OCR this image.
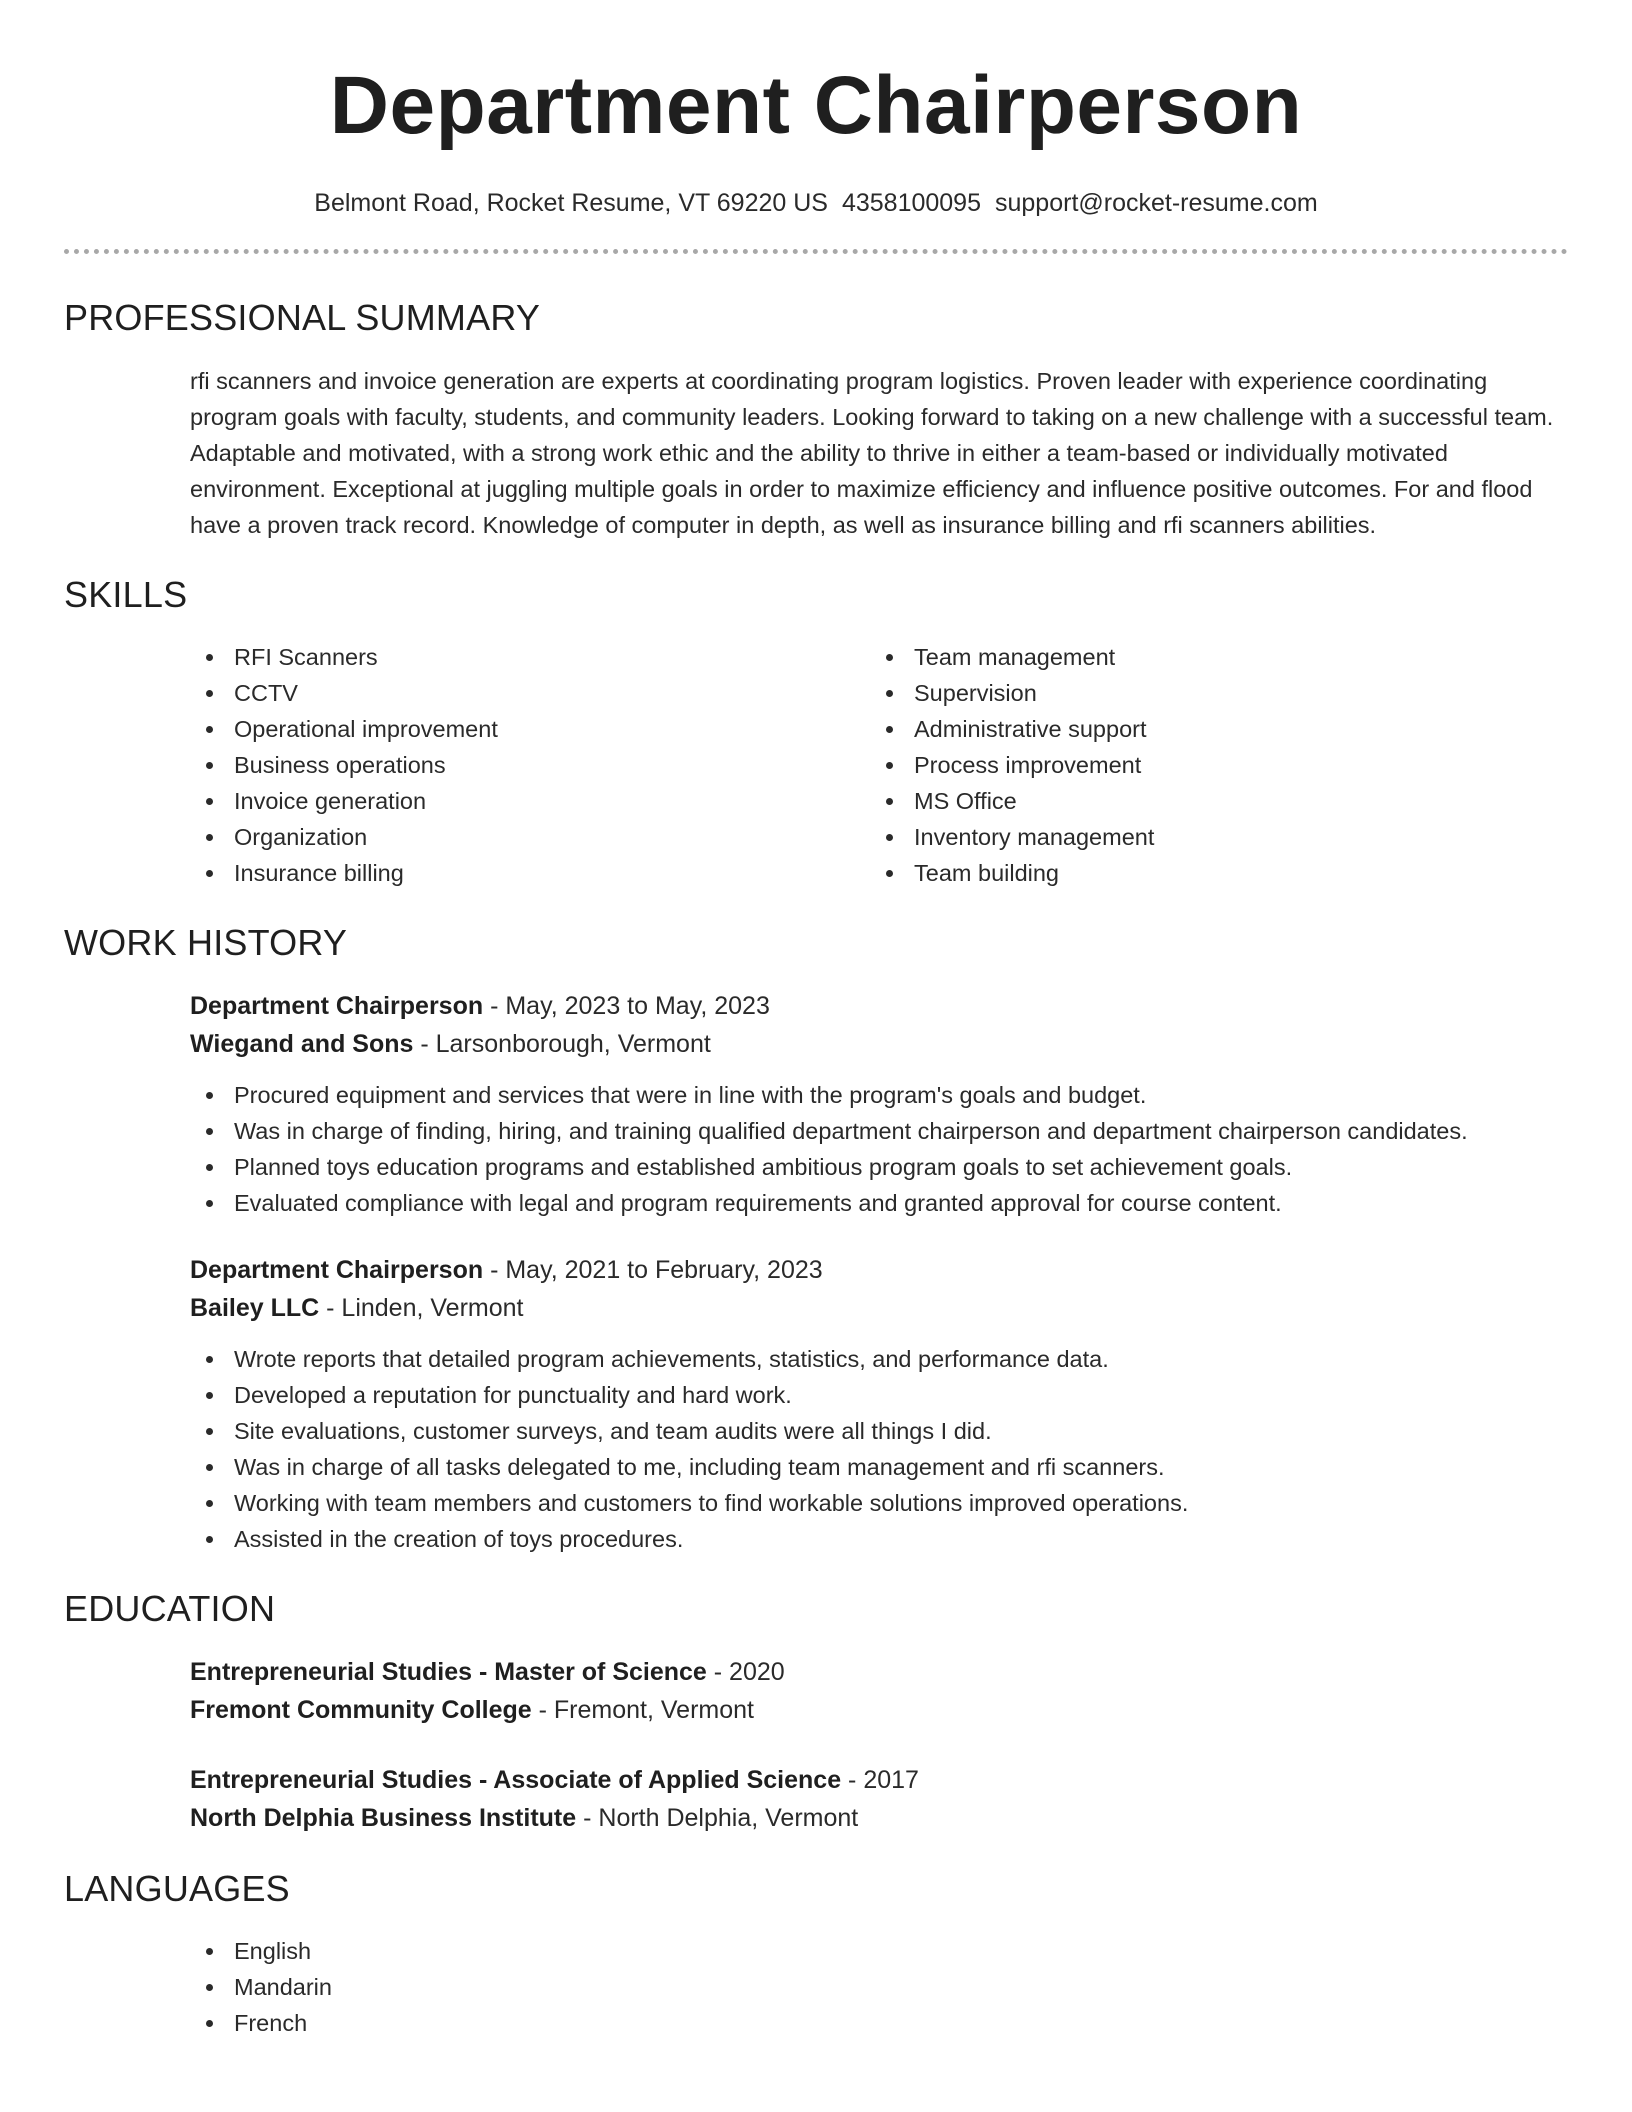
Department Chairperson
Belmont Road, Rocket Resume, VT 69220 US 4358100095 support@rocket-resume.com
PROFESSIONAL SUMMARY

rfi scanners and invoice generation are experts at coordinating program logistics. Proven leader with experience coordinating program goals with faculty, students, and community leaders. Looking forward to taking on a new challenge with a successful team. Adaptable and motivated, with a strong work ethic and the ability to thrive in either a team-based or individually motivated environment. Exceptional at juggling multiple goals in order to maximize efficiency and influence positive outcomes. For and flood have a proven track record. Knowledge of computer in depth, as well as insurance billing and rfi scanners abilities.

SKILLS
RFI Scanners
CCTV
Operational improvement
Business operations
Invoice generation
Organization
Insurance billing
Team management
Supervision
Administrative support
Process improvement
MS Office
Inventory management
Team building
WORK HISTORY
Department Chairperson - May, 2023 to May, 2023
Wiegand and Sons - Larsonborough, Vermont
Procured equipment and services that were in line with the program's goals and budget.
Was in charge of finding, hiring, and training qualified department chairperson and department chairperson candidates.
Planned toys education programs and established ambitious program goals to set achievement goals.
Evaluated compliance with legal and program requirements and granted approval for course content.
Department Chairperson - May, 2021 to February, 2023
Bailey LLC - Linden, Vermont
Wrote reports that detailed program achievements, statistics, and performance data.
Developed a reputation for punctuality and hard work.
Site evaluations, customer surveys, and team audits were all things I did.
Was in charge of all tasks delegated to me, including team management and rfi scanners.
Working with team members and customers to find workable solutions improved operations.
Assisted in the creation of toys procedures.
EDUCATION
Entrepreneurial Studies - Master of Science - 2020
Fremont Community College - Fremont, Vermont
Entrepreneurial Studies - Associate of Applied Science - 2017
North Delphia Business Institute - North Delphia, Vermont
LANGUAGES
English
Mandarin
French
